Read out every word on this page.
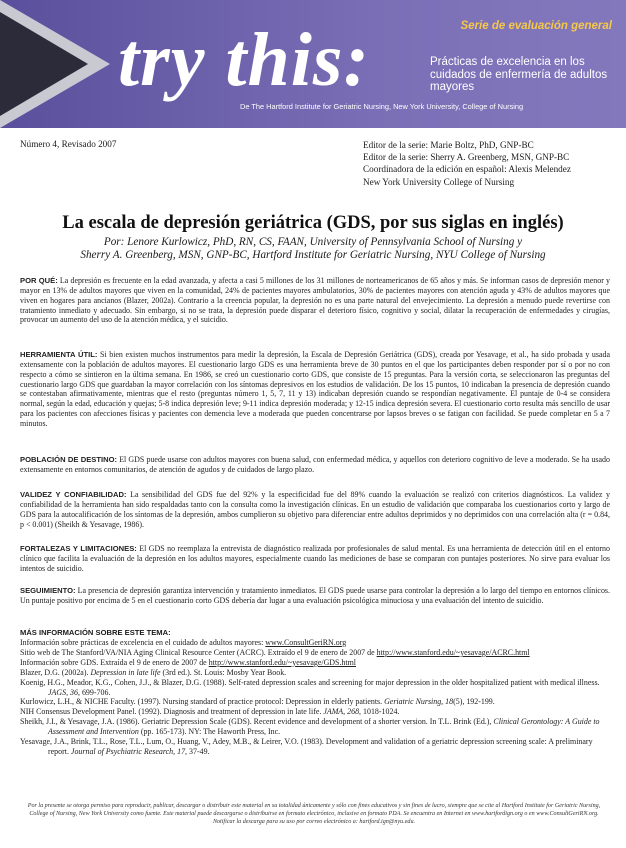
try this:	Serie de evaluación general
Prácticas de excelencia en los cuidados de enfermería de adultos mayores
De The Hartford Institute for Geriatric Nursing, New York University, College of Nursing
Número 4, Revisado 2007	Editor de la serie: Marie Boltz, PhD, GNP-BC
Editor de la serie: Sherry A. Greenberg, MSN, GNP-BC
Coordinadora de la edición en español: Alexis Melendez
New York University College of Nursing
La escala de depresión geriátrica (GDS, por sus siglas en inglés)
Por: Lenore Kurlowicz, PhD, RN, CS, FAAN, University of Pennsylvania School of Nursing y
Sherry A. Greenberg, MSN, GNP-BC, Hartford Institute for Geriatric Nursing, NYU College of Nursing
POR QUÉ: La depresión es frecuente en la edad avanzada, y afecta a casi 5 millones de los 31 millones de norteamericanos de 65 años y más. Se informan casos de depresión menor y mayor en 13% de adultos mayores que viven en la comunidad, 24% de pacientes mayores ambulatorios, 30% de pacientes mayores con atención aguda y 43% de adultos mayores que viven en hogares para ancianos (Blazer, 2002a). Contrario a la creencia popular, la depresión no es una parte natural del envejecimiento. La depresión a menudo puede revertirse con tratamiento inmediato y adecuado. Sin embargo, si no se trata, la depresión puede disparar el deterioro físico, cognitivo y social, dilatar la recuperación de enfermedades y cirugías, provocar un aumento del uso de la atención médica, y el suicidio.
HERRAMIENTA ÚTIL: Si bien existen muchos instrumentos para medir la depresión, la Escala de Depresión Geriátrica (GDS), creada por Yesavage, et al., ha sido probada y usada extensamente con la población de adultos mayores. El cuestionario largo GDS es una herramienta breve de 30 puntos en el que los participantes deben responder por sí o por no con respecto a cómo se sintieron en la última semana. En 1986, se creó un cuestionario corto GDS, que consiste de 15 preguntas. Para la versión corta, se seleccionaron las preguntas del cuestionario largo GDS que guardaban la mayor correlación con los síntomas depresivos en los estudios de validación. De los 15 puntos, 10 indicaban la presencia de depresión cuando se contestaban afirmativamente, mientras que el resto (preguntas número 1, 5, 7, 11 y 13) indicaban depresión cuando se respondían negativamente. El puntaje de 0-4 se considera normal, según la edad, educación y quejas; 5-8 indica depresión leve; 9-11 indica depresión moderada; y 12-15 indica depresión severa. El cuestionario corto resulta más sencillo de usar para los pacientes con afecciones físicas y pacientes con demencia leve a moderada que pueden concentrarse por lapsos breves o se fatigan con facilidad. Se puede completar en 5 a 7 minutos.
POBLACIÓN DE DESTINO: El GDS puede usarse con adultos mayores con buena salud, con enfermedad médica, y aquellos con deterioro cognitivo de leve a moderado. Se ha usado extensamente en entornos comunitarios, de atención de agudos y de cuidados de largo plazo.
VALIDEZ Y CONFIABILIDAD: La sensibilidad del GDS fue del 92% y la especificidad fue del 89% cuando la evaluación se realizó con criterios diagnósticos. La validez y confiabilidad de la herramienta han sido respaldadas tanto con la consulta como la investigación clínicas. En un estudio de validación que comparaba los cuestionarios corto y largo de GDS para la autocalificación de los síntomas de la depresión, ambos cumplieron su objetivo para diferenciar entre adultos deprimidos y no deprimidos con una correlación alta (r = 0.84, p < 0.001) (Sheikh & Yesavage, 1986).
FORTALEZAS Y LIMITACIONES: El GDS no reemplaza la entrevista de diagnóstico realizada por profesionales de salud mental. Es una herramienta de detección útil en el entorno clínico que facilita la evaluación de la depresión en los adultos mayores, especialmente cuando las mediciones de base se comparan con puntajes posteriores. No sirve para evaluar los intentos de suicidio.
SEGUIMIENTO: La presencia de depresión garantiza intervención y tratamiento inmediatos. El GDS puede usarse para controlar la depresión a lo largo del tiempo en entornos clínicos. Un puntaje positivo por encima de 5 en el cuestionario corto GDS debería dar lugar a una evaluación psicológica minuciosa y una evaluación del intento de suicidio.
MÁS INFORMACIÓN SOBRE ESTE TEMA:
Información sobre prácticas de excelencia en el cuidado de adultos mayores: www.ConsultGeriRN.org
Sitio web de The Stanford/VA/NIA Aging Clinical Resource Center (ACRC). Extraído el 9 de enero de 2007 de http://www.stanford.edu/~yesavage/ACRC.html
Información sobre GDS. Extraída el 9 de enero de 2007 de http://www.stanford.edu/~yesavage/GDS.html
Blazer, D.G. (2002a). Depression in late life (3rd ed.). St. Louis: Mosby Year Book.
Koenig, H.G., Meador, K.G., Cohen, J.J., & Blazer, D.G. (1988). Self-rated depression scales and screening for major depression in the older hospitalized patient with medical illness. JAGS, 36, 699-706.
Kurlowicz, L.H., & NICHE Faculty. (1997). Nursing standard of practice protocol: Depression in elderly patients. Geriatric Nursing, 18(5), 192-199.
NIH Consensus Development Panel. (1992). Diagnosis and treatment of depression in late life. JAMA, 268, 1018-1024.
Sheikh, J.I., & Yesavage, J.A. (1986). Geriatric Depression Scale (GDS). Recent evidence and development of a shorter version. In T.L. Brink (Ed.), Clinical Gerontology: A Guide to Assessment and Intervention (pp. 165-173). NY: The Haworth Press, Inc.
Yesavage, J.A., Brink, T.L., Rose, T.L., Lum, O., Huang, V., Adey, M.B., & Leirer, V.O. (1983). Development and validation of a geriatric depression screening scale: A preliminary report. Journal of Psychiatric Research, 17, 37-49.
Por la presente se otorga permiso para reproducir, publicar, descargar o distribuir este material en su totalidad únicamente y sólo con fines educativos y sin fines de lucro, siempre que se cite al Hartford Institute for Geriatric Nursing, College of Nursing, New York University como fuente. Este material puede descargarse o distribuirse en formato electrónico, inclusive en formato PDA. Se encuentra en Internet en www.hartfordign.org o en www.ConsultGeriRN.org. Notificar la descarga para su uso por correo electrónico a: hartford.ign@nyu.edu.
